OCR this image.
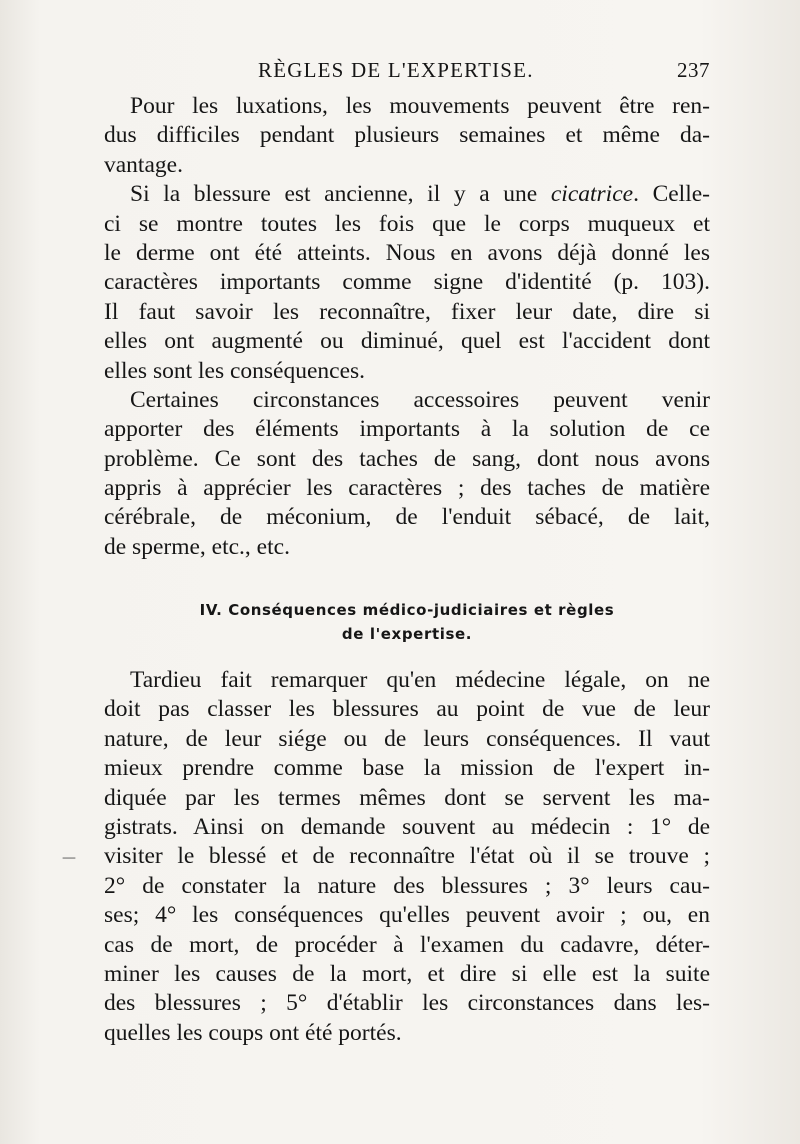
RÈGLES DE L'EXPERTISE.	237
Pour les luxations, les mouvements peuvent être ren-
dus difficiles pendant plusieurs semaines et même da-
vantage.
Si la blessure est ancienne, il y a une cicatrice. Celle-
ci se montre toutes les fois que le corps muqueux et
le derme ont été atteints. Nous en avons déjà donné les
caractères importants comme signe d'identité (p. 103).
Il faut savoir les reconnaître, fixer leur date, dire si
elles ont augmenté ou diminué, quel est l'accident dont
elles sont les conséquences.
Certaines circonstances accessoires peuvent venir
apporter des éléments importants à la solution de ce
problème. Ce sont des taches de sang, dont nous avons
appris à apprécier les caractères ; des taches de matière
cérébrale, de méconium, de l'enduit sébacé, de lait,
de sperme, etc., etc.
IV. Conséquences médico-judiciaires et règles
de l'expertise.
Tardieu fait remarquer qu'en médecine légale, on ne
doit pas classer les blessures au point de vue de leur
nature, de leur siége ou de leurs conséquences. Il vaut
mieux prendre comme base la mission de l'expert in-
diquée par les termes mêmes dont se servent les ma-
gistrats. Ainsi on demande souvent au médecin : 1° de
visiter le blessé et de reconnaître l'état où il se trouve ;
2° de constater la nature des blessures ; 3° leurs cau-
ses; 4° les conséquences qu'elles peuvent avoir ; ou, en
cas de mort, de procéder à l'examen du cadavre, déter-
miner les causes de la mort, et dire si elle est la suite
des blessures ; 5° d'établir les circonstances dans les-
quelles les coups ont été portés.
—
